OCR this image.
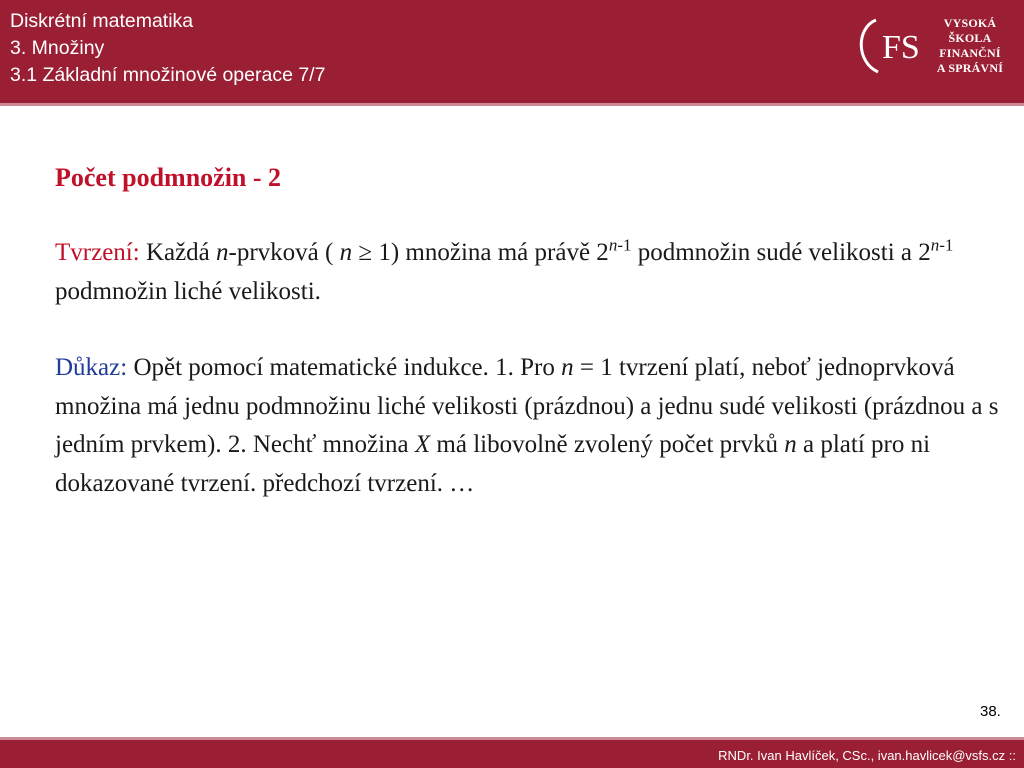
Diskrétní matematika
3. Množiny
3.1 Základní množinové operace 7/7
FS
VYSOKÁ ŠKOLA
FINANČNÍ
A SPRÁVNÍ

Počet podmnožin - 2

Tvrzení: Každá n-prvková ( n ≥ 1) množina má právě 2$^{n-1}$ podmnožin sudé velikosti a 2$^{n-1}$ podmnožin liché velikosti.

Důkaz: Opět pomocí matematické indukce. 1. Pro n = 1 tvrzení platí, neboť jednoprvková množina má jednu podmnožinu liché velikosti (prázdnou) a jednu sudé velikosti (prázdnou a s jedním prvkem). 2. Nechť množina X má libovolně zvolený počet prvků n a platí pro ni dokazované tvrzení. předchozí tvrzení. …

38.
RNDr. Ivan Havlíček, CSc., ivan.havlicek@vsfs.cz ::
